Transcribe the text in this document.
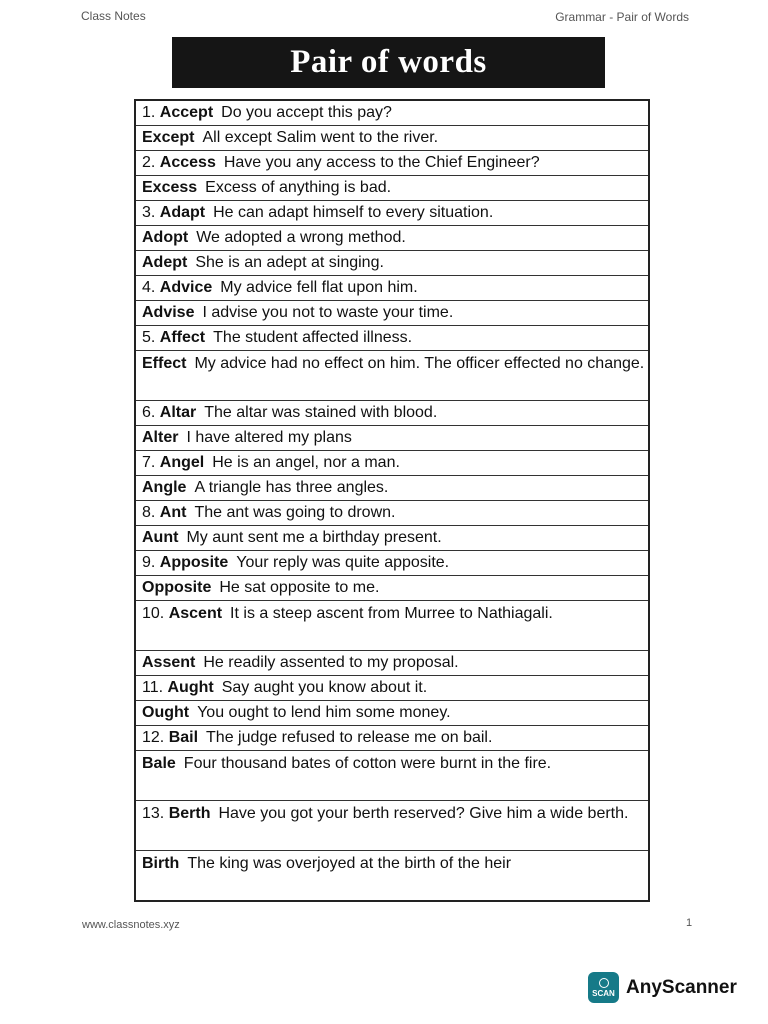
Class Notes	Grammar - Pair of Words
Pair of words
1. Accept Do you accept this pay?
Except All except Salim went to the river.
2. Access Have you any access to the Chief Engineer?
Excess Excess of anything is bad.
3. Adapt He can adapt himself to every situation.
Adopt We adopted a wrong method.
Adept She is an adept at singing.
4. Advice My advice fell flat upon him.
Advise I advise you not to waste your time.
5. Affect The student affected illness.
Effect My advice had no effect on him. The officer effected no change.
6. Altar The altar was stained with blood.
Alter I have altered my plans
7. Angel He is an angel, nor a man.
Angle A triangle has three angles.
8. Ant The ant was going to drown.
Aunt My aunt sent me a birthday present.
9. Apposite Your reply was quite apposite.
Opposite He sat opposite to me.
10. Ascent It is a steep ascent from Murree to Nathiagali.
Assent He readily assented to my proposal.
11. Aught Say aught you know about it.
Ought You ought to lend him some money.
12. Bail The judge refused to release me on bail.
Bale Four thousand bates of cotton were burnt in the fire.
13. Berth Have you got your berth reserved? Give him a wide berth.
Birth The king was overjoyed at the birth of the heir
www.classnotes.xyz	1
SCAN AnyScanner
